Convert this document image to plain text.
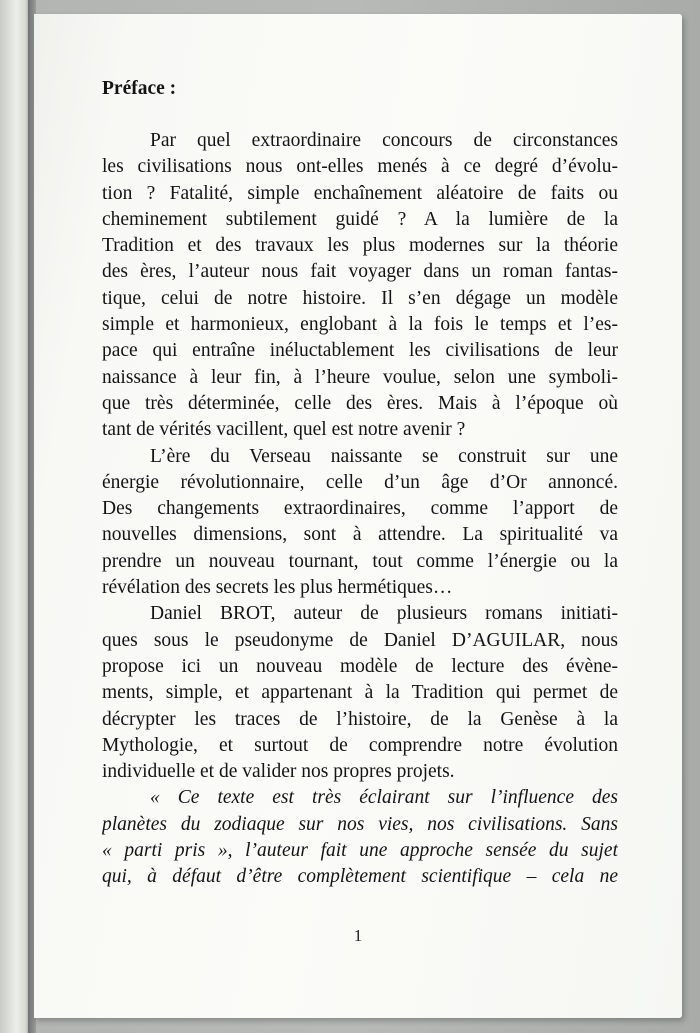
Préface :
Par quel extraordinaire concours de circonstances
les civilisations nous ont-elles menés à ce degré d’évolu-
tion ? Fatalité, simple enchaînement aléatoire de faits ou
cheminement subtilement guidé ? A la lumière de la
Tradition et des travaux les plus modernes sur la théorie
des ères, l’auteur nous fait voyager dans un roman fantas-
tique, celui de notre histoire. Il s’en dégage un modèle
simple et harmonieux, englobant à la fois le temps et l’es-
pace qui entraîne inéluctablement les civilisations de leur
naissance à leur fin, à l’heure voulue, selon une symboli-
que très déterminée, celle des ères. Mais à l’époque où
tant de vérités vacillent, quel est notre avenir ?
L’ère du Verseau naissante se construit sur une
énergie révolutionnaire, celle d’un âge d’Or annoncé.
Des changements extraordinaires, comme l’apport de
nouvelles dimensions, sont à attendre. La spiritualité va
prendre un nouveau tournant, tout comme l’énergie ou la
révélation des secrets les plus hermétiques…
Daniel BROT, auteur de plusieurs romans initiati-
ques sous le pseudonyme de Daniel D’AGUILAR, nous
propose ici un nouveau modèle de lecture des évène-
ments, simple, et appartenant à la Tradition qui permet de
décrypter les traces de l’histoire, de la Genèse à la
Mythologie, et surtout de comprendre notre évolution
individuelle et de valider nos propres projets.
« Ce texte est très éclairant sur l’influence des
planètes du zodiaque sur nos vies, nos civilisations. Sans
« parti pris », l’auteur fait une approche sensée du sujet
qui, à défaut d’être complètement scientifique – cela ne
1
